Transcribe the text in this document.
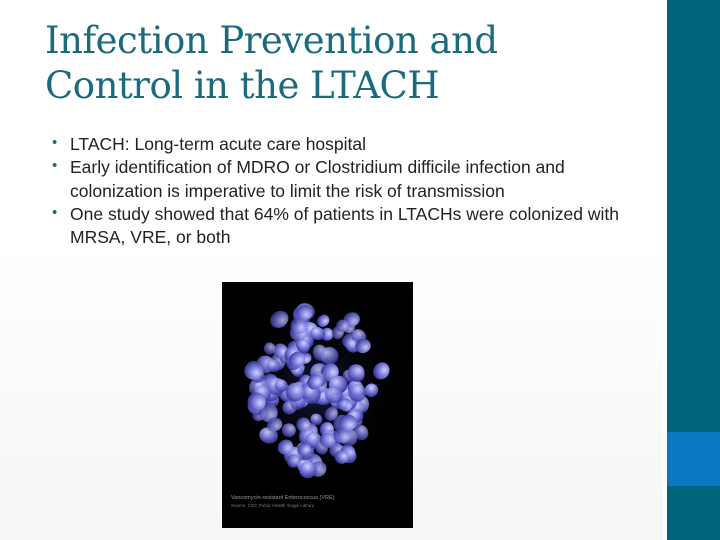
Infection Prevention and
Control in the LTACH
• LTACH: Long-term acute care hospital
• Early identification of MDRO or Clostridium difficile infection and colonization is imperative to limit the risk of transmission
• One study showed that 64% of patients in LTACHs were colonized with MRSA, VRE, or both
Vancomycin-resistant Enterococcus (VRE)
Source: CDC Public Health Image Library
